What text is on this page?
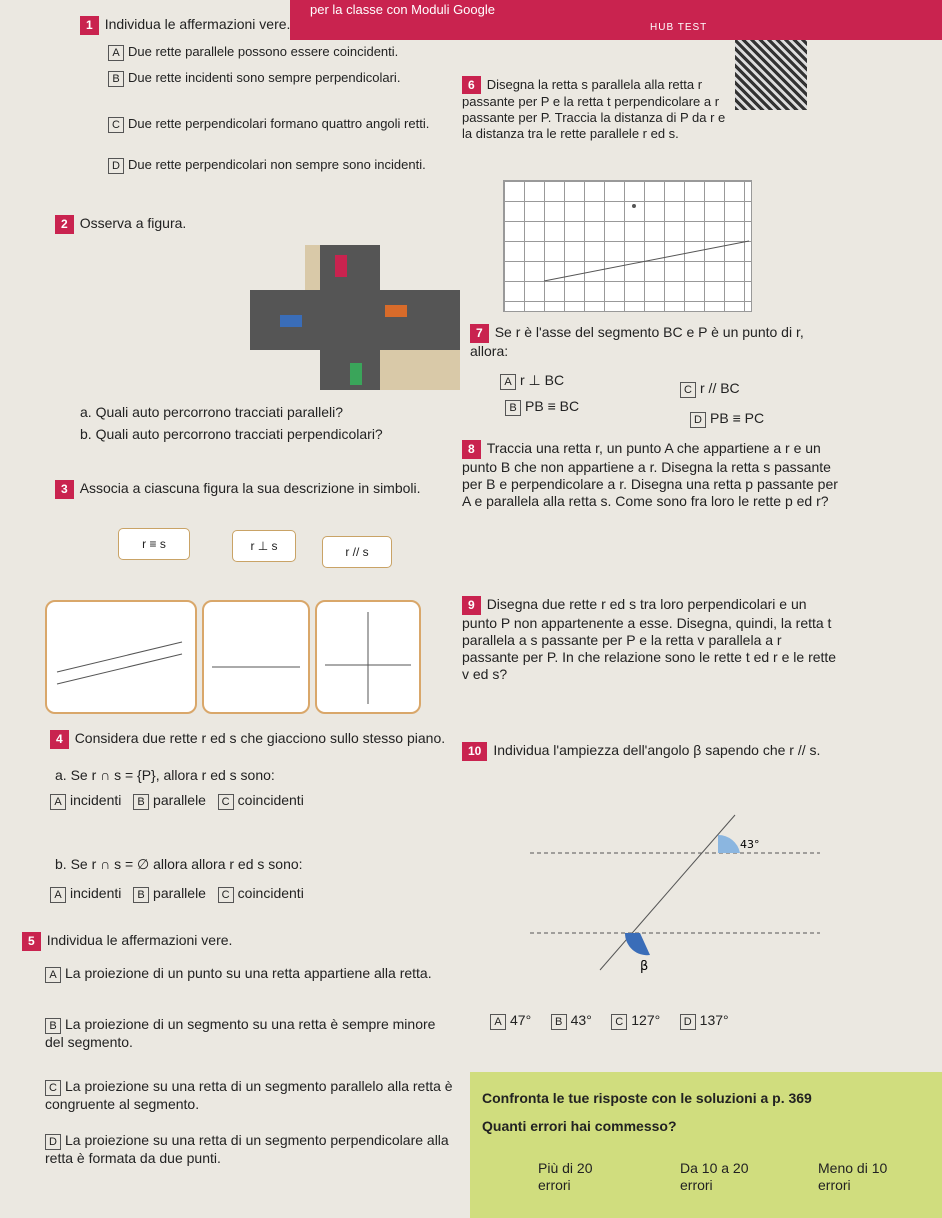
per la classe con Moduli Google
HUB TEST
1 Individua le affermazioni vere.
A Due rette parallele possono essere coincidenti.
B Due rette incidenti sono sempre perpendicolari.
C Due rette perpendicolari formano quattro angoli retti.
D Due rette perpendicolari non sempre sono incidenti.
2 Osserva a figura.
a. Quali auto percorrono tracciati paralleli?
b. Quali auto percorrono tracciati perpendicolari?
3 Associa a ciascuna figura la sua descrizione in simboli.
r ≡ s	r ⊥ s	r // s
4 Considera due rette r ed s che giacciono sullo stesso piano.
a. Se r ∩ s = {P}, allora r ed s sono:
A incidenti B parallele C coincidenti
b. Se r ∩ s = ∅ allora allora r ed s sono:
A incidenti B parallele C coincidenti
5 Individua le affermazioni vere.
A La proiezione di un punto su una retta appartiene alla retta.
B La proiezione di un segmento su una retta è sempre minore del segmento.
C La proiezione su una retta di un segmento parallelo alla retta è congruente al segmento.
D La proiezione su una retta di un segmento perpendicolare alla retta è formata da due punti.
6 Disegna la retta s parallela alla retta r passante per P e la retta t perpendicolare a r passante per P. Traccia la distanza di P da r e la distanza tra le rette parallele r ed s.
7 Se r è l'asse del segmento BC e P è un punto di r, allora:
A r ⊥ BC
C r // BC
B PB ≡ BC
D PB ≡ PC
8 Traccia una retta r, un punto A che appartiene a r e un punto B che non appartiene a r. Disegna la retta s passante per B e perpendicolare a r. Disegna una retta p passante per A e parallela alla retta s. Come sono fra loro le rette p ed r?
9 Disegna due rette r ed s tra loro perpendicolari e un punto P non appartenente a esse. Disegna, quindi, la retta t parallela a s passante per P e la retta v parallela a r passante per P. In che relazione sono le rette t ed r e le rette v ed s?
10 Individua l'ampiezza dell'angolo β sapendo che r // s.
43°
β
A 47° B 43° C 127° D 137°
Confronta le tue risposte con le soluzioni a p. 369
Quanti errori hai commesso?
Più di 20 errori
Da 10 a 20 errori
Meno di 10 errori
